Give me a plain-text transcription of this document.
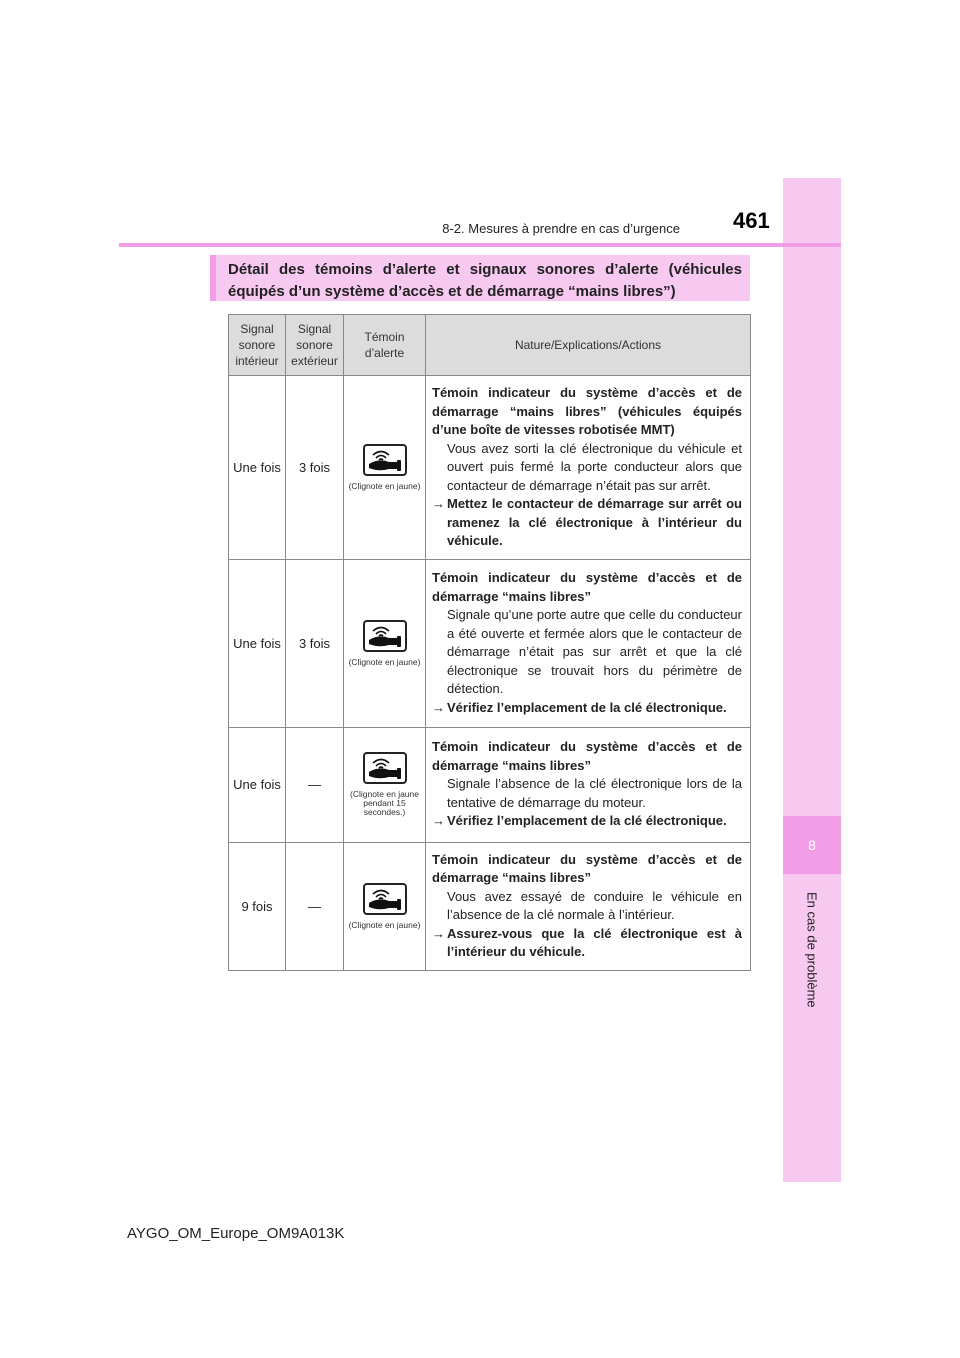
8
En cas de problème
8-2. Mesures à prendre en cas d’urgence 461
Détail des témoins d’alerte et signaux sonores d’alerte (véhicules équipés d’un système d’accès et de démarrage “mains libres”)
Signal sonore intérieur	Signal sonore extérieur	Témoin d’alerte	Nature/Explications/Actions
Une fois	3 fois	(Clignote en jaune)	Témoin indicateur du système d’accès et de démarrage “mains libres” (véhicules équipés d’une boîte de vitesses robotisée MMT)
Vous avez sorti la clé électronique du véhicule et ouvert puis fermé la porte conducteur alors que contacteur de démarrage n’était pas sur arrêt.
→ Mettez le contacteur de démarrage sur arrêt ou ramenez la clé électronique à l’intérieur du véhicule.

Une fois	3 fois	(Clignote en jaune)	Témoin indicateur du système d’accès et de démarrage “mains libres”
Signale qu’une porte autre que celle du conducteur a été ouverte et fermée alors que le contacteur de démarrage n’était pas sur arrêt et que la clé électronique se trouvait hors du périmètre de détection.
→ Vérifiez l’emplacement de la clé électronique.

Une fois	—	(Clignote en jaune pendant 15 secondes.)	Témoin indicateur du système d’accès et de démarrage “mains libres”
Signale l’absence de la clé électronique lors de la tentative de démarrage du moteur.
→ Vérifiez l’emplacement de la clé électronique.

9 fois	—	(Clignote en jaune)	Témoin indicateur du système d’accès et de démarrage “mains libres”
Vous avez essayé de conduire le véhicule en l’absence de la clé normale à l’intérieur.
→ Assurez-vous que la clé électronique est à l’intérieur du véhicule.
AYGO_OM_Europe_OM9A013K
